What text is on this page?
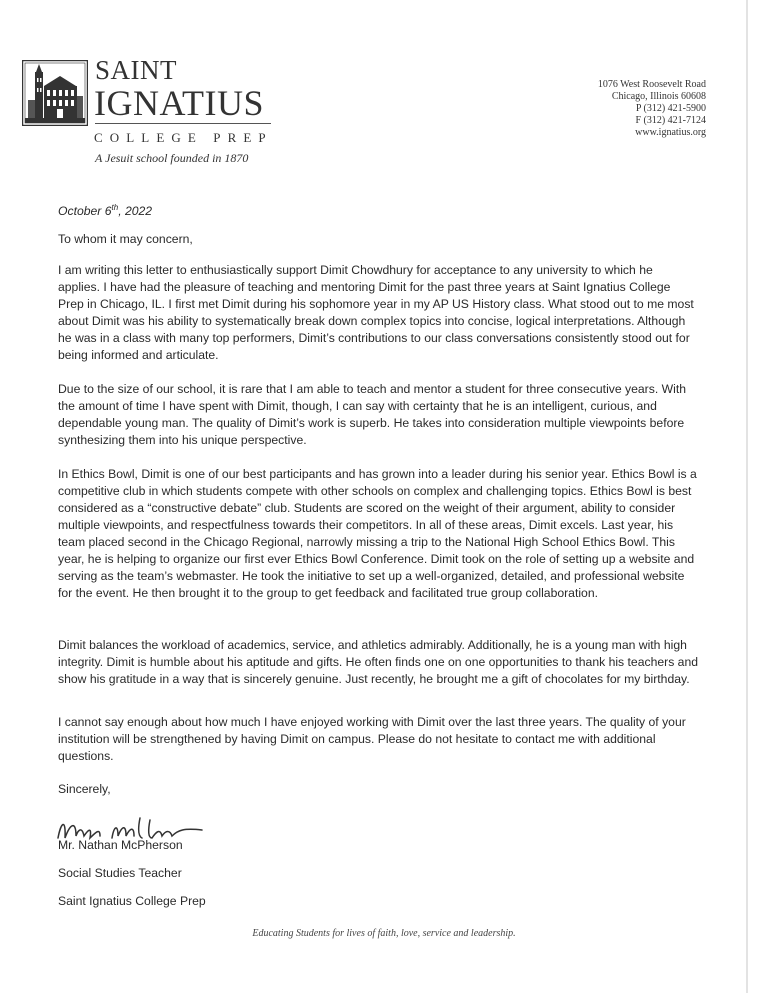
SAINT
IGNATIUS
COLLEGE PREP
A Jesuit school founded in 1870
1076 West Roosevelt Road
Chicago, Illinois 60608
P (312) 421-5900
F (312) 421-7124
www.ignatius.org
October 6th, 2022
To whom it may concern,

I am writing this letter to enthusiastically support Dimit Chowdhury for acceptance to any university to which he applies. I have had the pleasure of teaching and mentoring Dimit for the past three years at Saint Ignatius College Prep in Chicago, IL. I first met Dimit during his sophomore year in my AP US History class. What stood out to me most about Dimit was his ability to systematically break down complex topics into concise, logical interpretations. Although he was in a class with many top performers, Dimit’s contributions to our class conversations consistently stood out for being informed and articulate.

Due to the size of our school, it is rare that I am able to teach and mentor a student for three consecutive years. With the amount of time I have spent with Dimit, though, I can say with certainty that he is an intelligent, curious, and dependable young man. The quality of Dimit’s work is superb. He takes into consideration multiple viewpoints before synthesizing them into his unique perspective.

In Ethics Bowl, Dimit is one of our best participants and has grown into a leader during his senior year. Ethics Bowl is a competitive club in which students compete with other schools on complex and challenging topics. Ethics Bowl is best considered as a “constructive debate” club. Students are scored on the weight of their argument, ability to consider multiple viewpoints, and respectfulness towards their competitors. In all of these areas, Dimit excels. Last year, his team placed second in the Chicago Regional, narrowly missing a trip to the National High School Ethics Bowl. This year, he is helping to organize our first ever Ethics Bowl Conference. Dimit took on the role of setting up a website and serving as the team’s webmaster. He took the initiative to set up a well-organized, detailed, and professional website for the event. He then brought it to the group to get feedback and facilitated true group collaboration.

Dimit balances the workload of academics, service, and athletics admirably. Additionally, he is a young man with high integrity. Dimit is humble about his aptitude and gifts. He often finds one on one opportunities to thank his teachers and show his gratitude in a way that is sincerely genuine. Just recently, he brought me a gift of chocolates for my birthday.

I cannot say enough about how much I have enjoyed working with Dimit over the last three years. The quality of your institution will be strengthened by having Dimit on campus. Please do not hesitate to contact me with additional questions.

Sincerely,
Mr. Nathan McPherson
Social Studies Teacher
Saint Ignatius College Prep
Educating Students for lives of faith, love, service and leadership.
